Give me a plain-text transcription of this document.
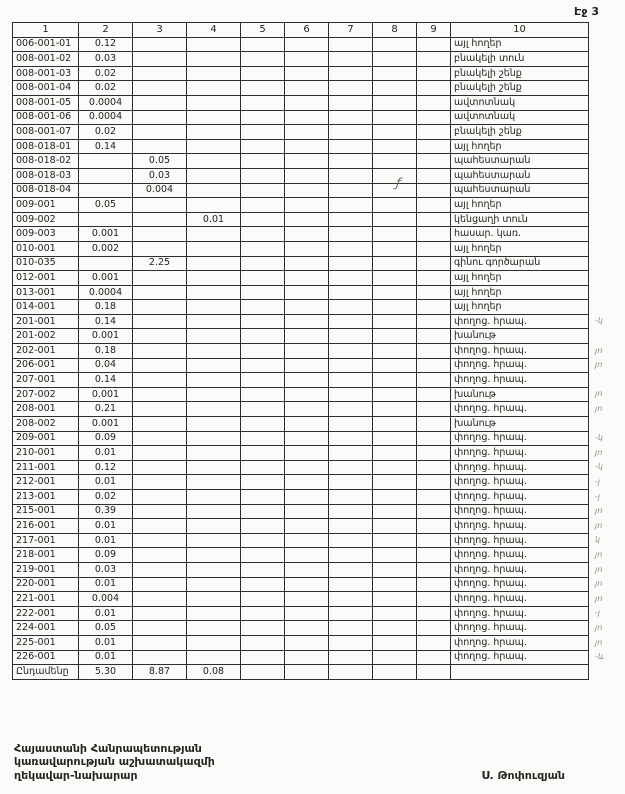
Էջ 3
1	2	3	4	5	6	7	8	9	10	
006-001-01	0.12								այլ հողեր	
008-001-02	0.03								բնակելի տուն	
008-001-03	0.02								բնակելի շենք	
008-001-04	0.02								բնակելի շենք	
008-001-05	0.0004								ավտոտնակ	
008-001-06	0.0004								ավտոտնակ	
008-001-07	0.02								բնակելի շենք	
008-018-01	0.14								այլ հողեր	
008-018-02		0.05							պահեստարան	
008-018-03		0.03							պահեստարան	
008-018-04		0.004							պահեստարան	
009-001	0.05								այլ հողեր	
009-002			0.01						կենցաղի տուն	
009-003	0.001								հասար. կառ.	
010-001	0.002								այլ հողեր	
010-035		2.25							գինու գործարան	
012-001	0.001								այլ հողեր	
013-001	0.0004								այլ հողեր	
014-001	0.18								այլ հողեր	
201-001	0.14								փողոց. հրապ.	-կ
201-002	0.001								խանութ	
202-001	0.18								փողոց. հրապ.	յո
206-001	0.04								փողոց. հրապ.	յո
207-001	0.14								փողոց. հրապ.	
207-002	0.001								խանութ	յո
208-001	0.21								փողոց. հրապ.	յո
208-002	0.001								խանութ	
209-001	0.09								փողոց. հրապ.	-կ
210-001	0.01								փողոց. հրապ.	յո
211-001	0.12								փողոց. հրապ.	-կ
212-001	0.01								փողոց. հրապ.	-յ
213-001	0.02								փողոց. հրապ.	-յ
215-001	0.39								փողոց. հրապ.	յո
216-001	0.01								փողոց. հրապ.	յո
217-001	0.01								փողոց. հրապ.	կ
218-001	0.09								փողոց. հրապ.	յո
219-001	0.03								փողոց. հրապ.	յո
220-001	0.01								փողոց. հրապ.	յո
221-001	0.004								փողոց. հրապ.	յո
222-001	0.01								փողոց. հրապ.	-յ
224-001	0.05								փողոց. հրապ.	յո
225-001	0.01								փողոց. հրապ.	յո
226-001	0.01								փողոց. հրապ.	-և
Ընդամենը	5.30	8.87	0.08							
ƒ
Հայաստանի Հանրապետության
կառավարության աշխատակազմի
ղեկավար-նախարար	Ս. Թոփուզյան
